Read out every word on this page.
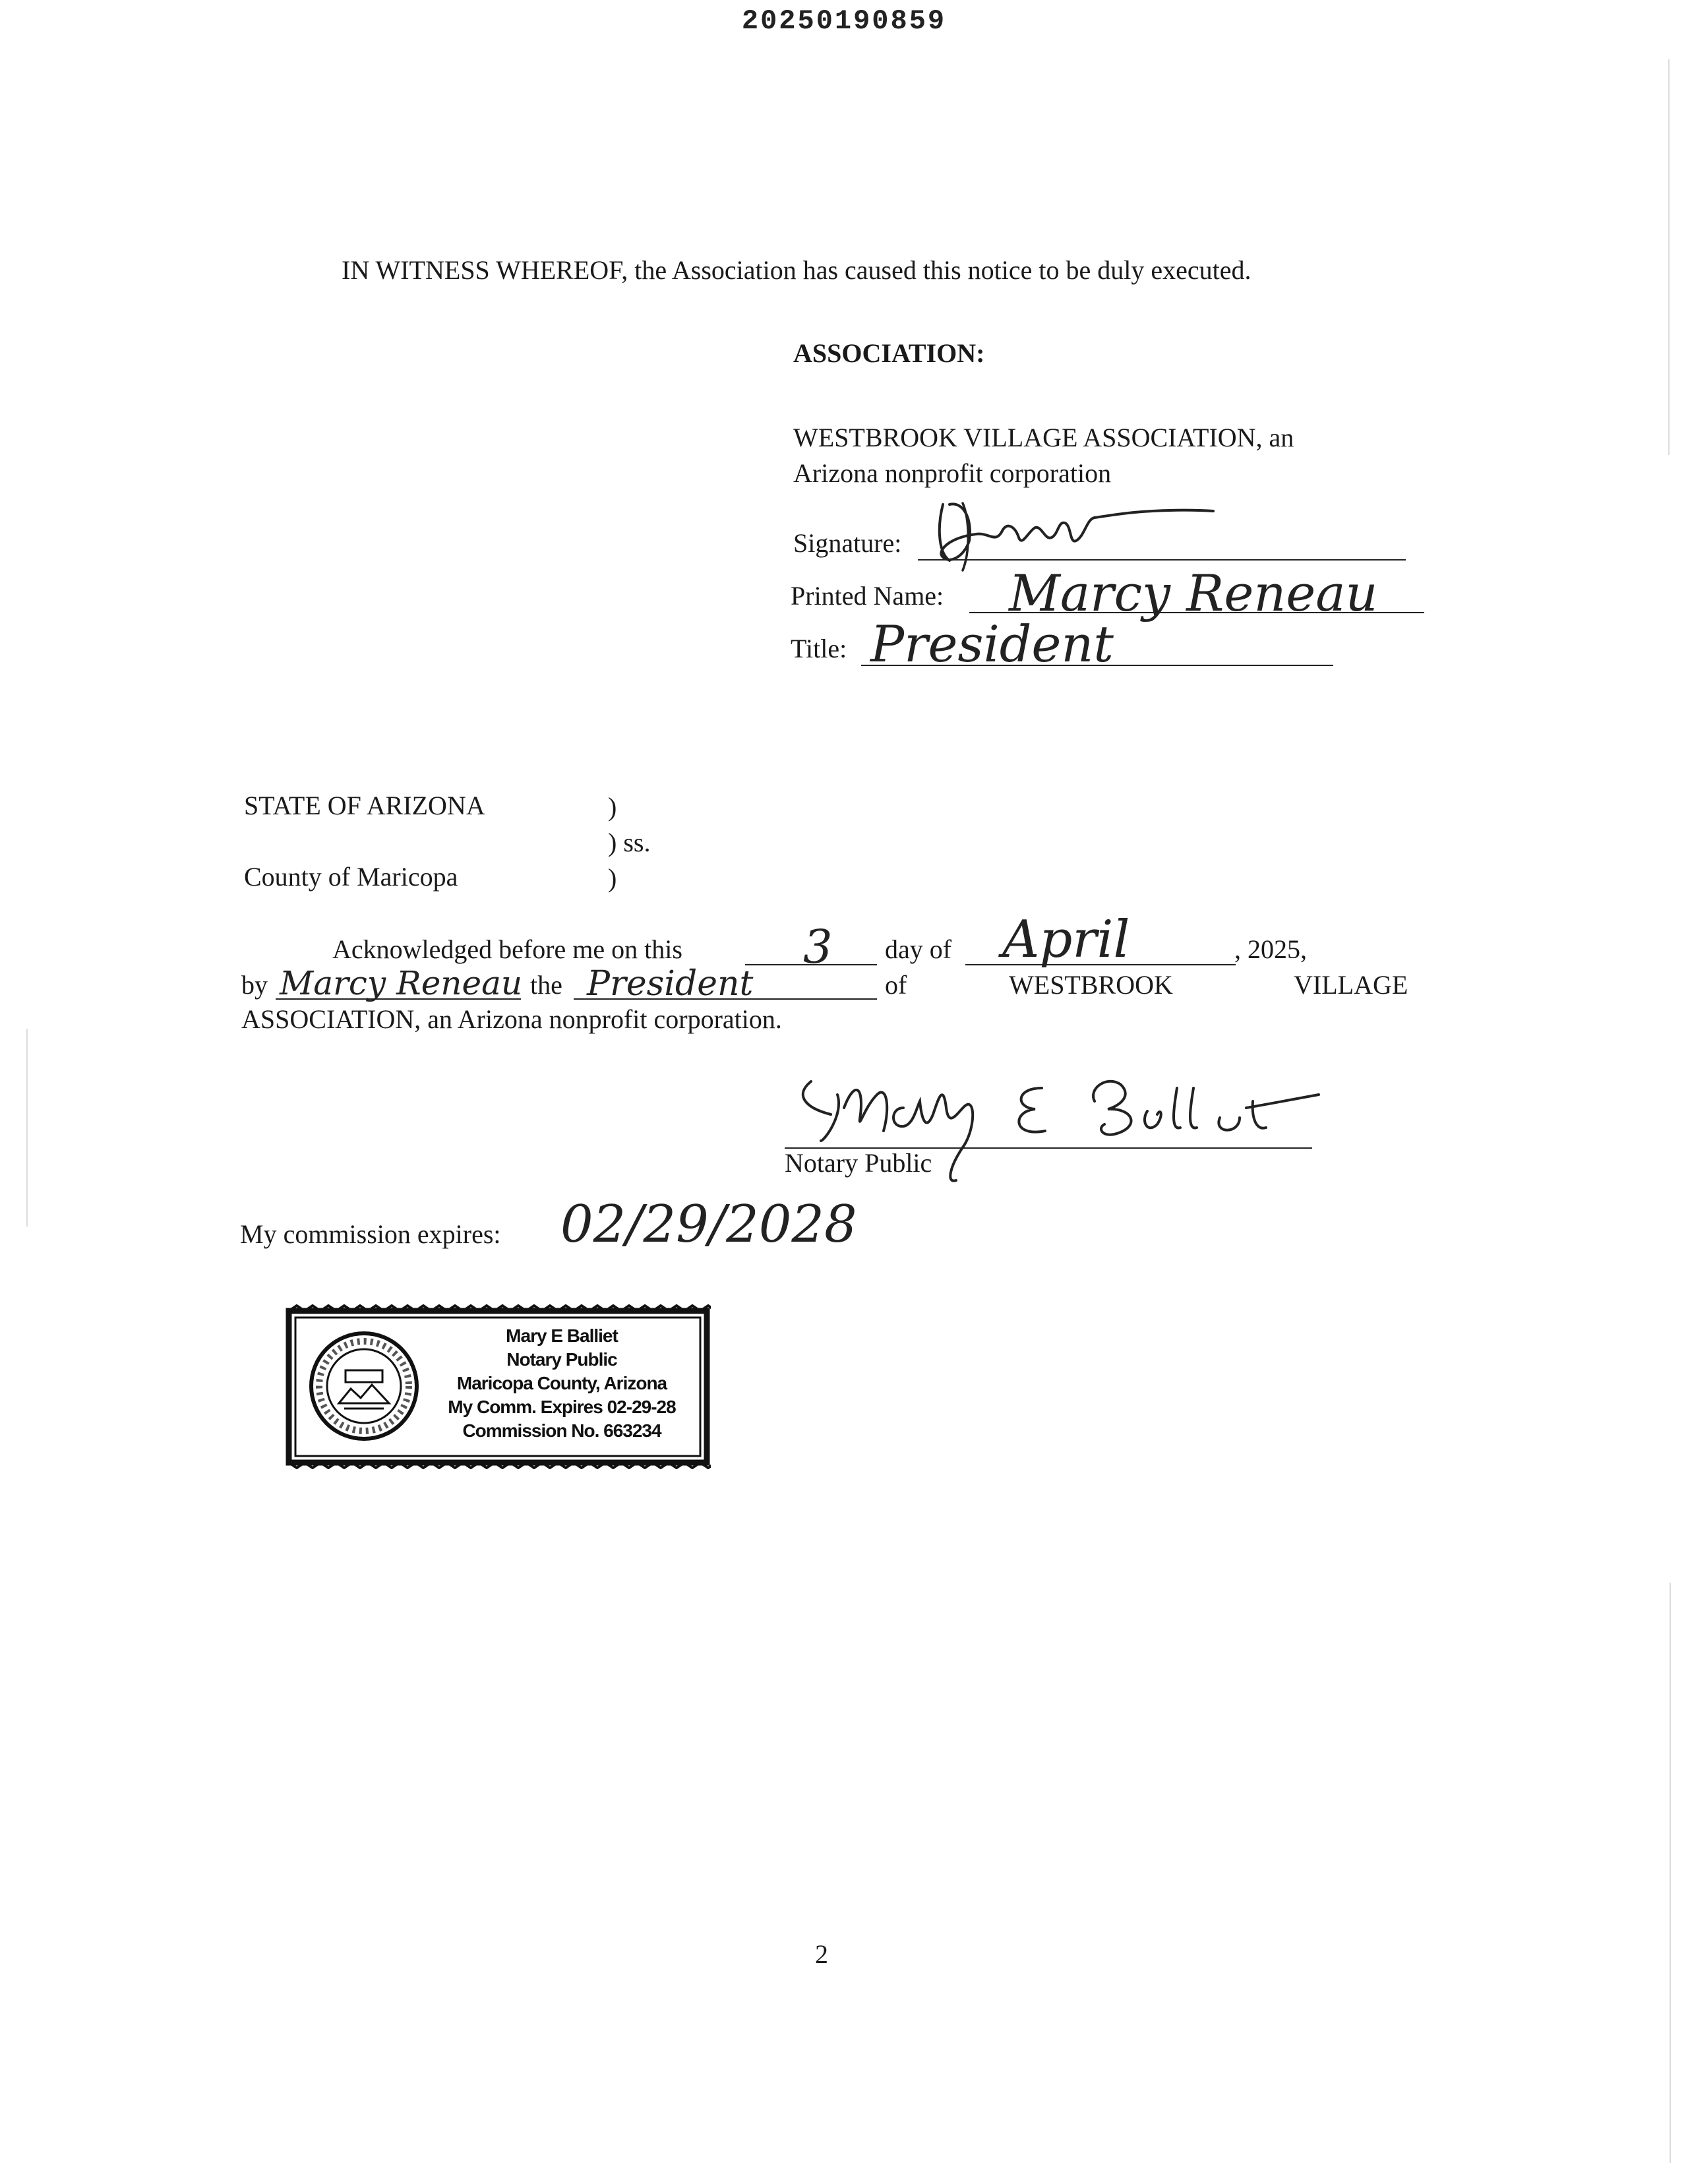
20250190859
IN WITNESS WHEREOF, the Association has caused this notice to be duly executed.
ASSOCIATION:
WESTBROOK VILLAGE ASSOCIATION, an
Arizona nonprofit corporation
Signature:
Printed Name: Marcy Reneau
Title: President
STATE OF ARIZONA	)
) ss.
County of Maricopa	)
Acknowledged before me on this	3 day of April	, 2025,
by Marcy Reneau the President	of	WESTBROOK	VILLAGE
ASSOCIATION, an Arizona nonprofit corporation.
Notary Public
My commission expires: 02/29/2028
Mary E Balliet
Notary Public
Maricopa County, Arizona
My Comm. Expires 02-29-28
Commission No. 663234
2
